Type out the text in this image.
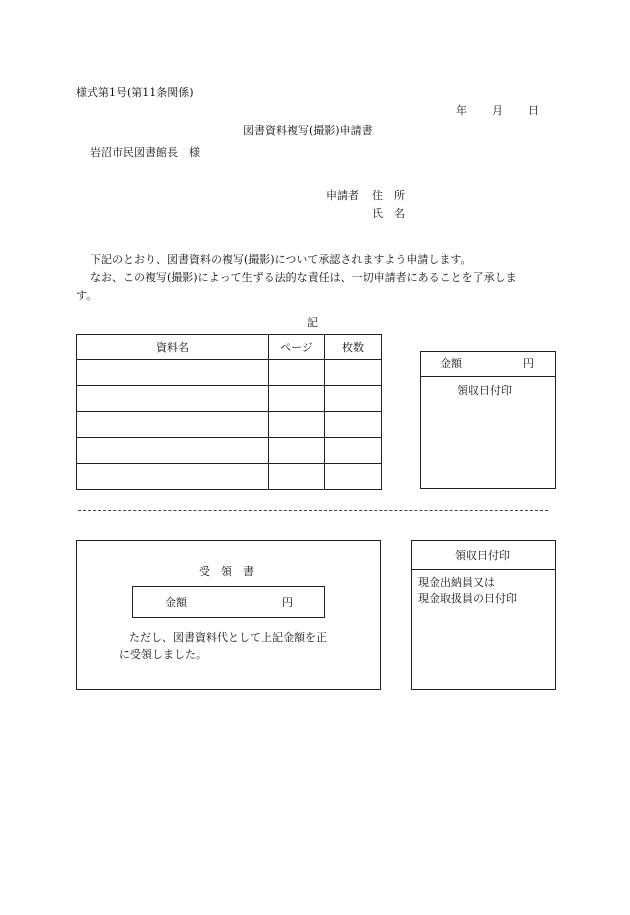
様式第1号(第11条関係)
年 月 日
図書資料複写(撮影)申請書
岩沼市民図書館長　様
申請者 住　所
氏　名
下記のとおり、図書資料の複写(撮影)について承認されますよう申請します。
なお、この複写(撮影)によって生ずる法的な責任は、一切申請者にあることを了承しま
す。
記
資料名	ページ	枚数

金額	円
領収日付印
受　領　書
金額	円
ただし、図書資料代として上記金額を正
に受領しました。
領収日付印
現金出納員又は
現金取扱員の日付印
